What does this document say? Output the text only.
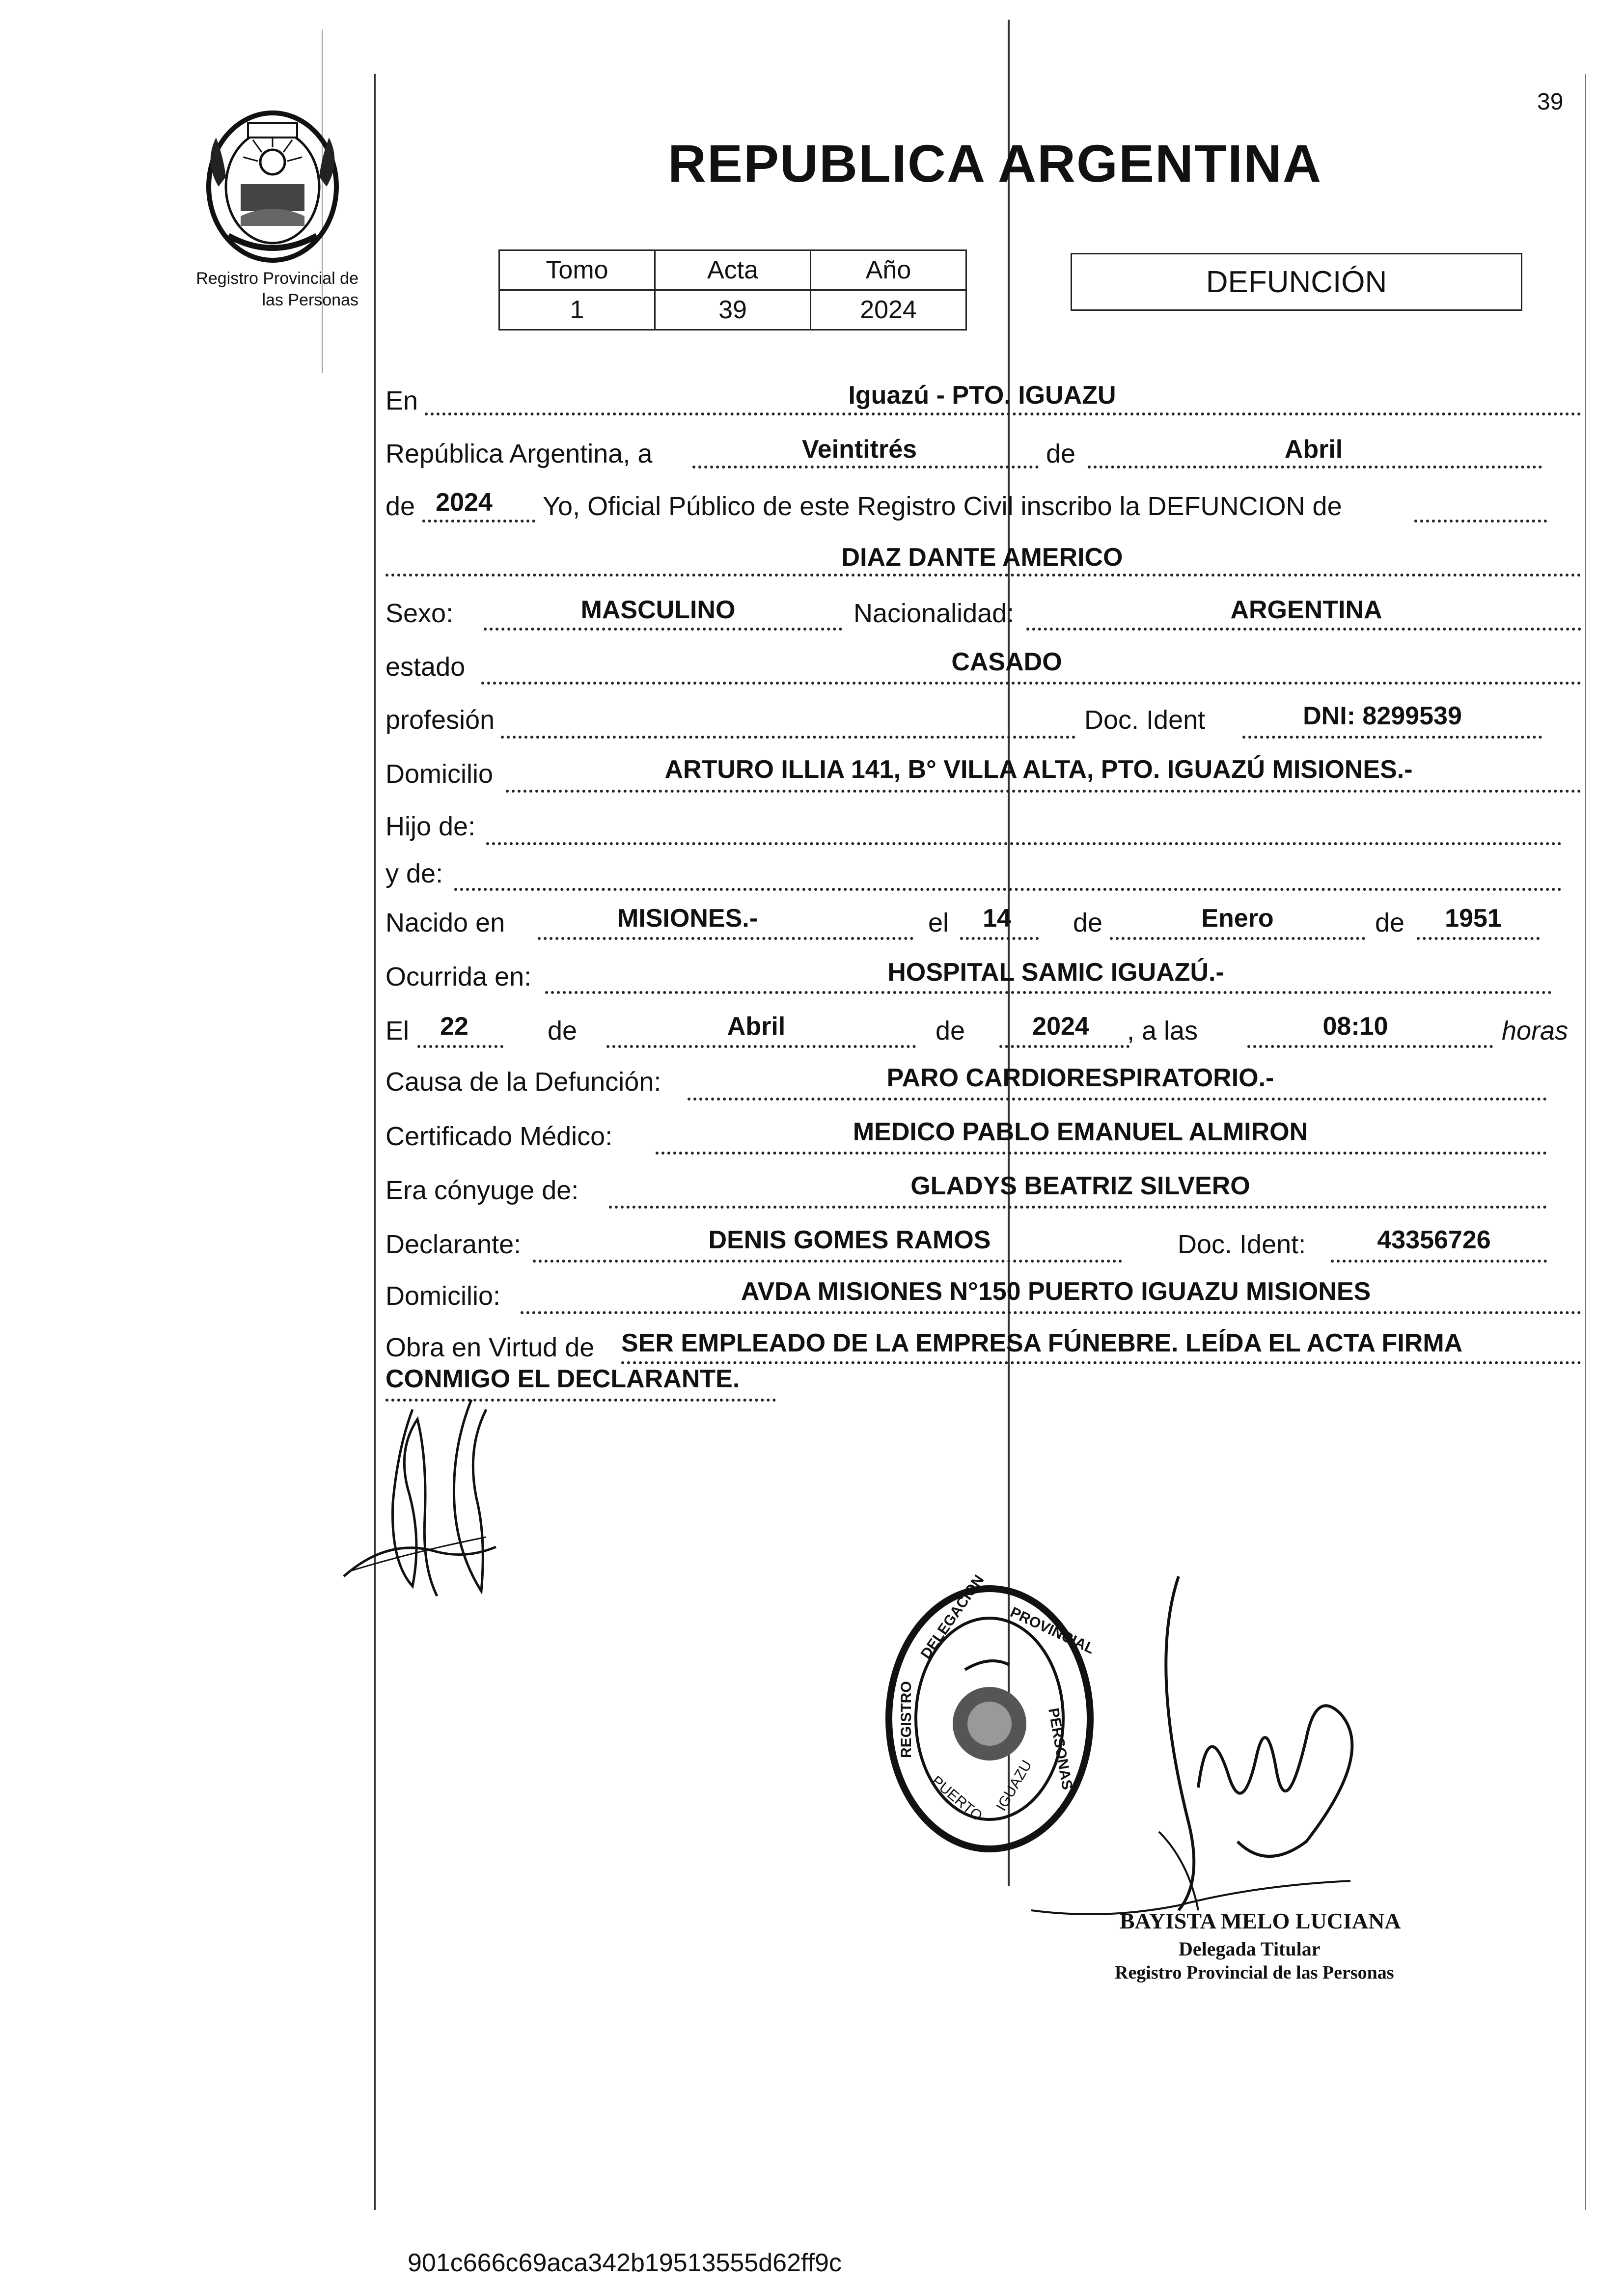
39
Registro Provincial de
las Personas
REPUBLICA ARGENTINA
Tomo	Acta	Año
1	39	2024
DEFUNCIÓN
En	Iguazú - PTO. IGUAZU
República Argentina, a	Veintitrés	de	Abril
de 2024	Yo, Oficial Público de este Registro Civil inscribo la DEFUNCION de
DIAZ DANTE AMERICO
Sexo:	MASCULINO	Nacionalidad:	ARGENTINA
estado	CASADO
profesión	Doc. Ident	DNI: 8299539
Domicilio	ARTURO ILLIA 141, B° VILLA ALTA, PTO. IGUAZÚ MISIONES.-
Hijo de:
y de:
Nacido en	MISIONES.-	el	14	de	Enero	de	1951
Ocurrida en:	HOSPITAL SAMIC IGUAZÚ.-
El	22	de	Abril	de	2024	, a las	08:10	horas
Causa de la Defunción:	PARO CARDIORESPIRATORIO.-
Certificado Médico:	MEDICO PABLO EMANUEL ALMIRON
Era cónyuge de:	GLADYS BEATRIZ SILVERO
Declarante:	DENIS GOMES RAMOS	Doc. Ident:	43356726
Domicilio:	AVDA MISIONES N°150 PUERTO IGUAZU MISIONES
Obra en Virtud de SER EMPLEADO DE LA EMPRESA FÚNEBRE. LEÍDA EL ACTA FIRMA
CONMIGO EL DECLARANTE.
DELEGACION PROVINCIAL
PERSONAS
REGISTRO
PUERTO IGUAZU
BAYISTA MELO LUCIANA
Delegada Titular
Registro Provincial de las Personas
901c666c69aca342b19513555d62ff9c
